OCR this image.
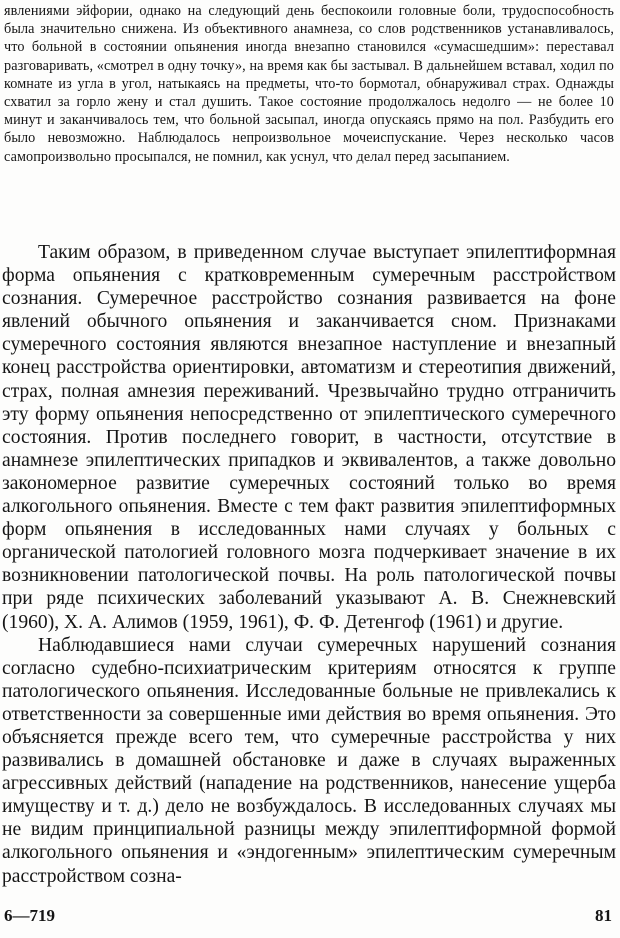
явлениями эйфории, однако на следующий день беспокоили головные боли, трудоспособность была значительно снижена. Из объективного анамнеза, со слов родственников устанавливалось, что больной в состоянии опьянения иногда внезапно становился «сумасшедшим»: переставал разговаривать, «смотрел в одну точку», на время как бы застывал. В дальнейшем вставал, ходил по комнате из угла в угол, натыкаясь на предметы, что-то бормотал, обнаруживал страх. Однажды схватил за горло жену и стал душить. Такое состояние продолжалось недолго — не более 10 минут и заканчивалось тем, что больной засыпал, иногда опускаясь прямо на пол. Разбудить его было невозможно. Наблюдалось непроизвольное мочеиспускание. Через несколько часов самопроизвольно просыпался, не помнил, как уснул, что делал перед засыпанием.

Таким образом, в приведенном случае выступает эпилептиформная форма опьянения с кратковременным сумеречным расстройством сознания. Сумеречное расстройство сознания развивается на фоне явлений обычного опьянения и заканчивается сном. Признаками сумеречного состояния являются внезапное наступление и внезапный конец расстройства ориентировки, автоматизм и стереотипия движений, страх, полная амнезия переживаний. Чрезвычайно трудно отграничить эту форму опьянения непосредственно от эпилептического сумеречного состояния. Против последнего говорит, в частности, отсутствие в анамнезе эпилептических припадков и эквивалентов, а также довольно закономерное развитие сумеречных состояний только во время алкогольного опьянения. Вместе с тем факт развития эпилептиформных форм опьянения в исследованных нами случаях у больных с органической патологией головного мозга подчеркивает значение в их возникновении патологической почвы. На роль патологической почвы при ряде психических заболеваний указывают А. В. Снежневский (1960), Х. А. Алимов (1959, 1961), Ф. Ф. Детенгоф (1961) и другие.

Наблюдавшиеся нами случаи сумеречных нарушений сознания согласно судебно-психиатрическим критериям относятся к группе патологического опьянения. Исследованные больные не привлекались к ответственности за совершенные ими действия во время опьянения. Это объясняется прежде всего тем, что сумеречные расстройства у них развивались в домашней обстановке и даже в случаях выраженных агрессивных действий (нападение на родственников, нанесение ущерба имуществу и т. д.) дело не возбуждалось. В исследованных случаях мы не видим принципиальной разницы между эпилептиформной формой алкогольного опьянения и «эндогенным» эпилептическим сумеречным расстройством созна-

6—719	81
